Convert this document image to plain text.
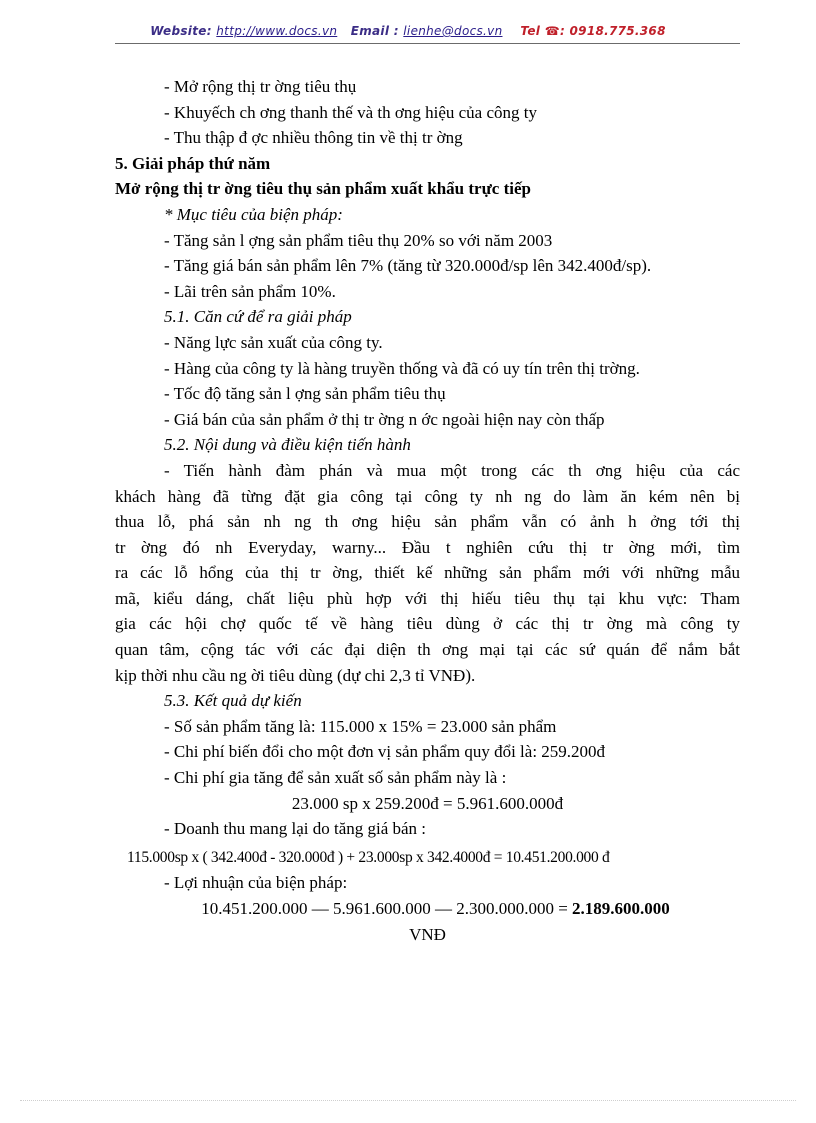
Website: http://www.docs.vn Email : lienhe@docs.vn Tel ☎: 0918.775.368
- Mở rộng thị tr ờng tiêu thụ
- Khuyếch ch ơng thanh thế và th ơng hiệu của công ty
- Thu thập đ ợc nhiều thông tin về thị tr ờng
5. Giải pháp thứ năm
Mở rộng thị tr ờng tiêu thụ sản phẩm xuất khẩu trực tiếp
* Mục tiêu của biện pháp:
- Tăng sản l ợng sản phẩm tiêu thụ 20% so với năm 2003
- Tăng giá bán sản phẩm lên 7% (tăng từ 320.000đ/sp lên 342.400đ/sp).
- Lãi trên sản phẩm 10%.
5.1. Căn cứ để ra giải pháp
- Năng lực sản xuất của công ty.
- Hàng của công ty là hàng truyền thống và đã có uy tín trên thị trờng.
- Tốc độ tăng sản l ợng sản phẩm tiêu thụ
- Giá bán của sản phẩm ở thị tr ờng n ớc ngoài hiện nay còn thấp
5.2. Nội dung và điều kiện tiến hành
- Tiến hành đàm phán và mua một trong các th ơng hiệu của các
khách hàng đã từng đặt gia công tại công ty nh ng do làm ăn kém nên bị
thua lỗ, phá sản nh ng th ơng hiệu sản phẩm vẫn có ảnh h ởng tới thị
tr ờng đó nh Everyday, warny... Đầu t nghiên cứu thị tr ờng mới, tìm
ra các lỗ hổng của thị tr ờng, thiết kế những sản phẩm mới với những mẫu
mã, kiểu dáng, chất liệu phù hợp với thị hiếu tiêu thụ tại khu vực: Tham
gia các hội chợ quốc tế về hàng tiêu dùng ở các thị tr ờng mà công ty
quan tâm, cộng tác với các đại diện th ơng mại tại các sứ quán để nắm bắt
kịp thời nhu cầu ng ời tiêu dùng (dự chi 2,3 tỉ VNĐ).
5.3. Kết quả dự kiến
- Số sản phẩm tăng là: 115.000 x 15% = 23.000 sản phẩm
- Chi phí biến đổi cho một đơn vị sản phẩm quy đổi là: 259.200đ
- Chi phí gia tăng để sản xuất số sản phẩm này là :
23.000 sp x 259.200đ = 5.961.600.000đ
- Doanh thu mang lại do tăng giá bán :
115.000sp x ( 342.400đ - 320.000đ ) + 23.000sp x 342.4000đ = 10.451.200.000 đ
- Lợi nhuận của biện pháp:
10.451.200.000 — 5.961.600.000 — 2.300.000.000 = 2.189.600.000
VNĐ
